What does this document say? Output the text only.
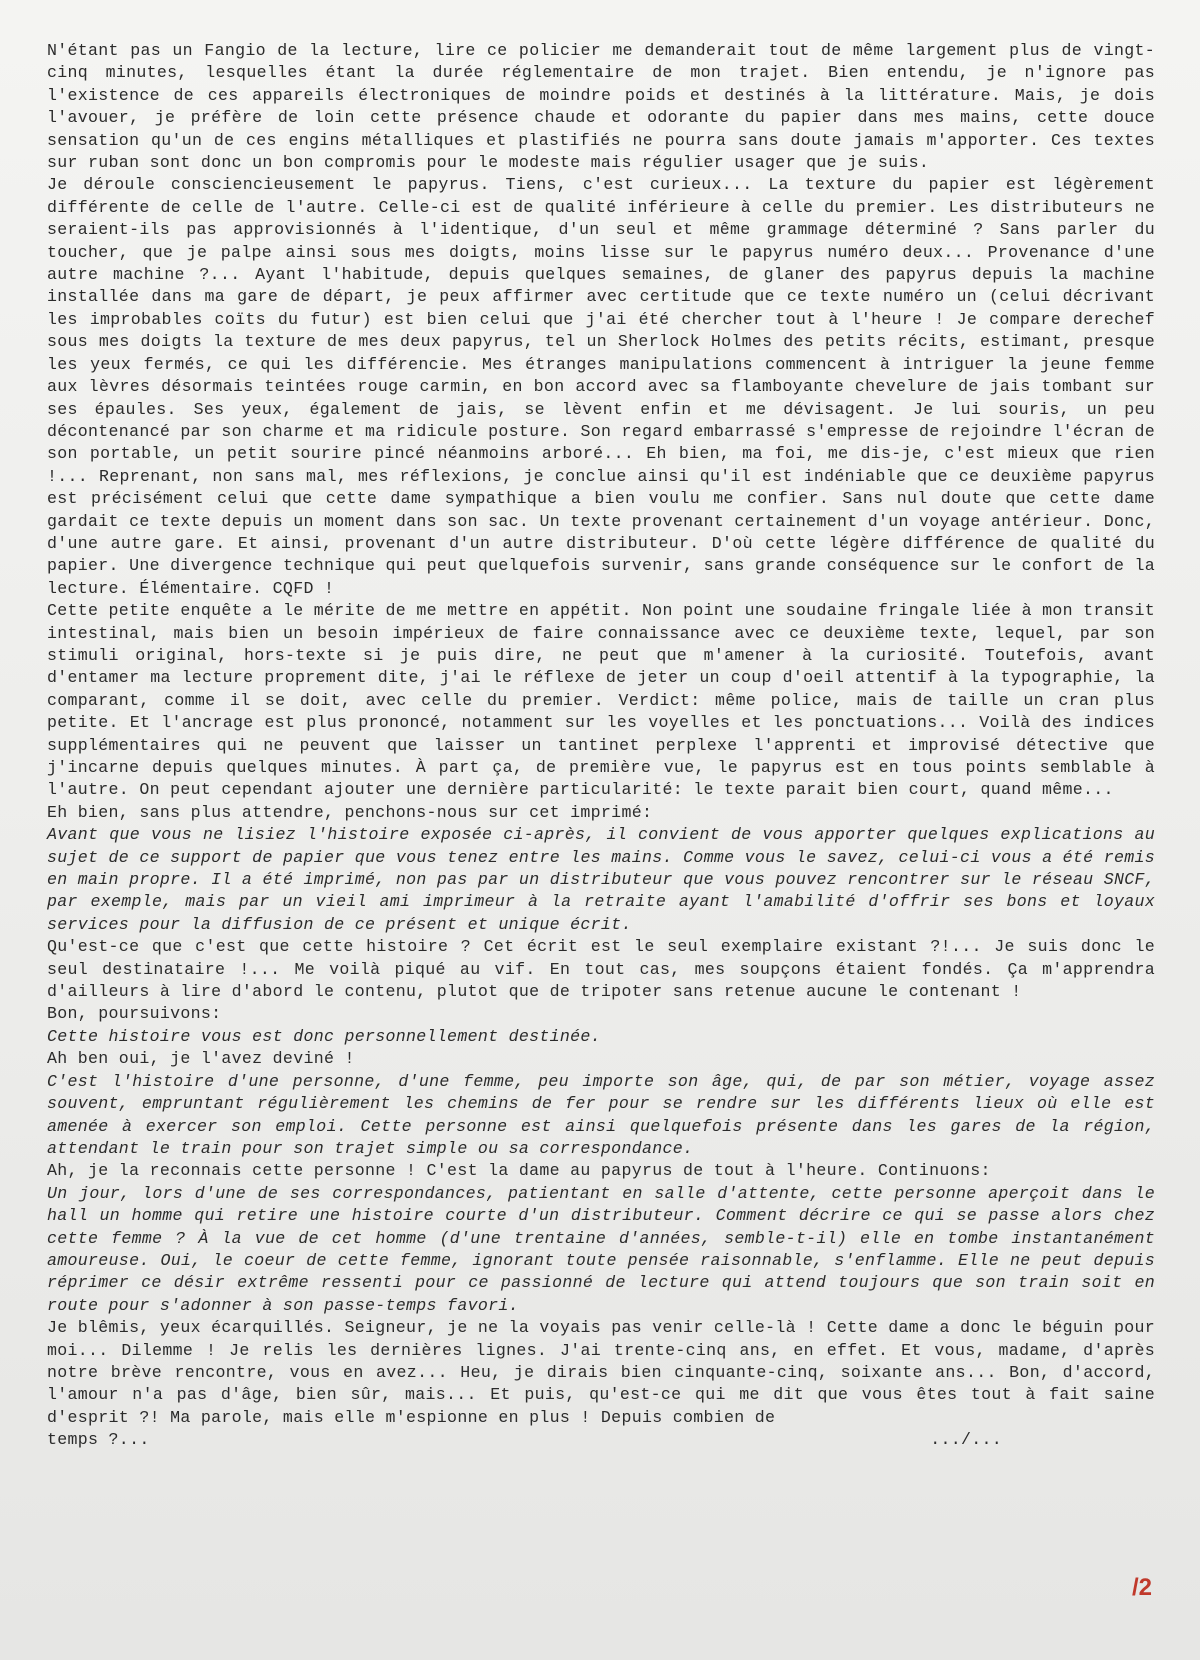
N'étant pas un Fangio de la lecture, lire ce policier me demanderait tout de même largement plus de vingt-cinq minutes, lesquelles étant la durée réglementaire de mon trajet. Bien entendu, je n'ignore pas l'existence de ces appareils électroniques de moindre poids et destinés à la littérature. Mais, je dois l'avouer, je préfère de loin cette présence chaude et odorante du papier dans mes mains, cette douce sensation qu'un de ces engins métalliques et plastifiés ne pourra sans doute jamais m'apporter. Ces textes sur ruban sont donc un bon compromis pour le modeste mais régulier usager que je suis.

Je déroule consciencieusement le papyrus. Tiens, c'est curieux... La texture du papier est légèrement différente de celle de l'autre. Celle-ci est de qualité inférieure à celle du premier. Les distributeurs ne seraient-ils pas approvisionnés à l'identique, d'un seul et même grammage déterminé ? Sans parler du toucher, que je palpe ainsi sous mes doigts, moins lisse sur le papyrus numéro deux... Provenance d'une autre machine ?... Ayant l'habitude, depuis quelques semaines, de glaner des papyrus depuis la machine installée dans ma gare de départ, je peux affirmer avec certitude que ce texte numéro un (celui décrivant les improbables coïts du futur) est bien celui que j'ai été chercher tout à l'heure ! Je compare derechef sous mes doigts la texture de mes deux papyrus, tel un Sherlock Holmes des petits récits, estimant, presque les yeux fermés, ce qui les différencie. Mes étranges manipulations commencent à intriguer la jeune femme aux lèvres désormais teintées rouge carmin, en bon accord avec sa flamboyante chevelure de jais tombant sur ses épaules. Ses yeux, également de jais, se lèvent enfin et me dévisagent. Je lui souris, un peu décontenancé par son charme et ma ridicule posture. Son regard embarrassé s'empresse de rejoindre l'écran de son portable, un petit sourire pincé néanmoins arboré... Eh bien, ma foi, me dis-je, c'est mieux que rien !... Reprenant, non sans mal, mes réflexions, je conclue ainsi qu'il est indéniable que ce deuxième papyrus est précisément celui que cette dame sympathique a bien voulu me confier. Sans nul doute que cette dame gardait ce texte depuis un moment dans son sac. Un texte provenant certainement d'un voyage antérieur. Donc, d'une autre gare. Et ainsi, provenant d'un autre distributeur. D'où cette légère différence de qualité du papier. Une divergence technique qui peut quelquefois survenir, sans grande conséquence sur le confort de la lecture. Élémentaire. CQFD !

Cette petite enquête a le mérite de me mettre en appétit. Non point une soudaine fringale liée à mon transit intestinal, mais bien un besoin impérieux de faire connaissance avec ce deuxième texte, lequel, par son stimuli original, hors-texte si je puis dire, ne peut que m'amener à la curiosité. Toutefois, avant d'entamer ma lecture proprement dite, j'ai le réflexe de jeter un coup d'oeil attentif à la typographie, la comparant, comme il se doit, avec celle du premier. Verdict: même police, mais de taille un cran plus petite. Et l'ancrage est plus prononcé, notamment sur les voyelles et les ponctuations... Voilà des indices supplémentaires qui ne peuvent que laisser un tantinet perplexe l'apprenti et improvisé détective que j'incarne depuis quelques minutes. À part ça, de première vue, le papyrus est en tous points semblable à l'autre. On peut cependant ajouter une dernière particularité: le texte parait bien court, quand même...

Eh bien, sans plus attendre, penchons-nous sur cet imprimé:

Avant que vous ne lisiez l'histoire exposée ci-après, il convient de vous apporter quelques explications au sujet de ce support de papier que vous tenez entre les mains. Comme vous le savez, celui-ci vous a été remis en main propre. Il a été imprimé, non pas par un distributeur que vous pouvez rencontrer sur le réseau SNCF, par exemple, mais par un vieil ami imprimeur à la retraite ayant l'amabilité d'offrir ses bons et loyaux services pour la diffusion de ce présent et unique écrit.

Qu'est-ce que c'est que cette histoire ? Cet écrit est le seul exemplaire existant ?!... Je suis donc le seul destinataire !... Me voilà piqué au vif. En tout cas, mes soupçons étaient fondés. Ça m'apprendra d'ailleurs à lire d'abord le contenu, plutot que de tripoter sans retenue aucune le contenant !

Bon, poursuivons:

Cette histoire vous est donc personnellement destinée.

Ah ben oui, je l'avez deviné !

C'est l'histoire d'une personne, d'une femme, peu importe son âge, qui, de par son métier, voyage assez souvent, empruntant régulièrement les chemins de fer pour se rendre sur les différents lieux où elle est amenée à exercer son emploi. Cette personne est ainsi quelquefois présente dans les gares de la région, attendant le train pour son trajet simple ou sa correspondance.

Ah, je la reconnais cette personne ! C'est la dame au papyrus de tout à l'heure. Continuons:

Un jour, lors d'une de ses correspondances, patientant en salle d'attente, cette personne aperçoit dans le hall un homme qui retire une histoire courte d'un distributeur. Comment décrire ce qui se passe alors chez cette femme ? À la vue de cet homme (d'une trentaine d'années, semble-t-il) elle en tombe instantanément amoureuse. Oui, le coeur de cette femme, ignorant toute pensée raisonnable, s'enflamme. Elle ne peut depuis réprimer ce désir extrême ressenti pour ce passionné de lecture qui attend toujours que son train soit en route pour s'adonner à son passe-temps favori.

Je blêmis, yeux écarquillés. Seigneur, je ne la voyais pas venir celle-là ! Cette dame a donc le béguin pour moi... Dilemme ! Je relis les dernières lignes. J'ai trente-cinq ans, en effet. Et vous, madame, d'après notre brève rencontre, vous en avez... Heu, je dirais bien cinquante-cinq, soixante ans... Bon, d'accord, l'amour n'a pas d'âge, bien sûr, mais... Et puis, qu'est-ce qui me dit que vous êtes tout à fait saine d'esprit ?! Ma parole, mais elle m'espionne en plus ! Depuis combien de

temps ?...	.../...
/2
